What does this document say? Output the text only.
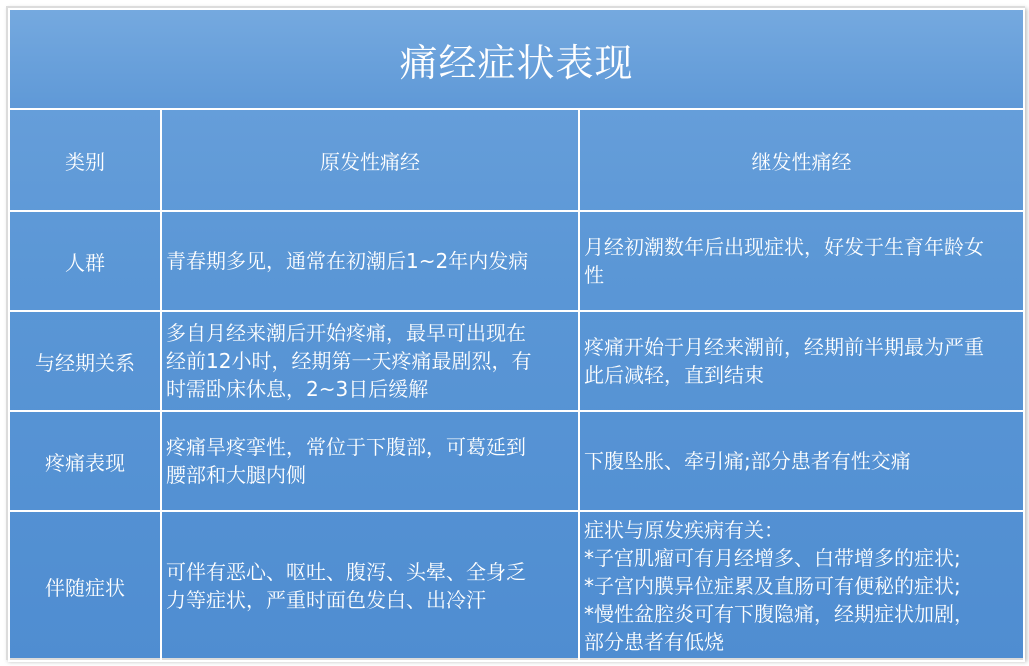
痛经症状表现		
类别	原发性痛经	继发性痛经
人群	青春期多见，通常在初潮后1~2年内发病	月经初潮数年后出现症状，好发于生育年龄女
性

与经期关系	多自月经来潮后开始疼痛，最早可出现在
经前12小时，经期第一天疼痛最剧烈，有
时需卧床休息，2~3日后缓解	疼痛开始于月经来潮前，经期前半期最为严重
此后减轻，直到结束

疼痛表现	疼痛旱疼挛性，常位于下腹部，可葛延到
腰部和大腿内侧	下腹坠胀、牵引痛;部分患者有性交痛

伴随症状	可伴有恶心、呕吐、腹泻、头晕、全身乏
力等症状，严重时面色发白、出冷汗	症状与原发疾病有关：
*子宫肌瘤可有月经增多、白带增多的症状;
*子宫内膜异位症累及直肠可有便秘的症状;
*慢性盆腔炎可有下腹隐痛，经期症状加剧，
部分患者有低烧
